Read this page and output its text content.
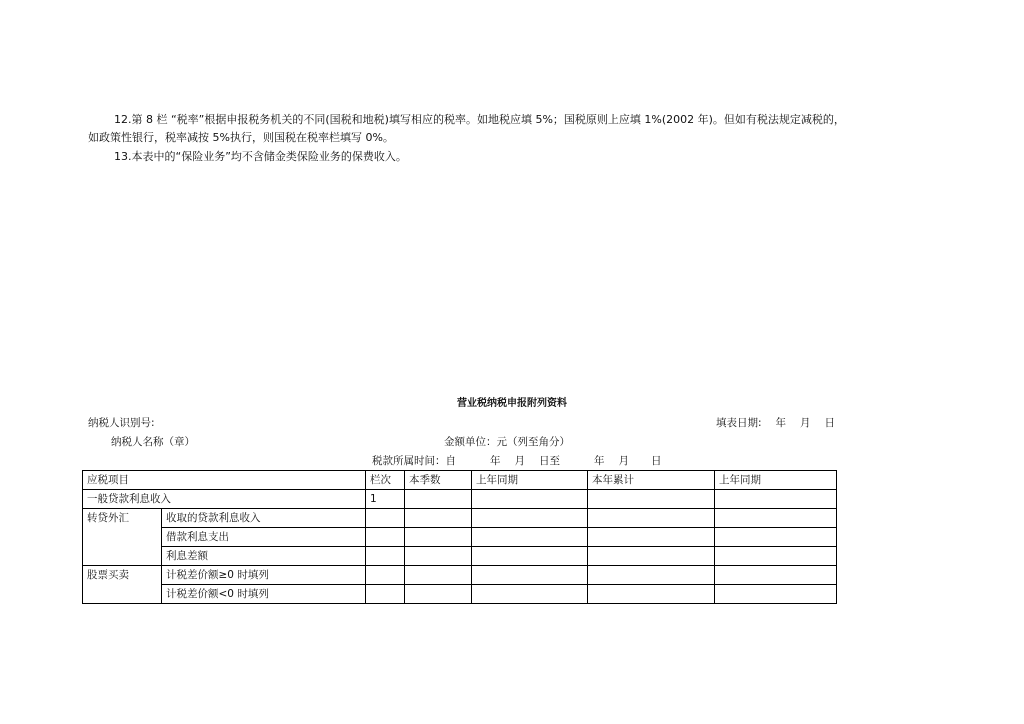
12.第 8 栏 “税率”根据申报税务机关的不同(国税和地税)填写相应的税率。如地税应填 5%；国税原则上应填 1%(2002 年)。但如有税法规定减税的，
如政策性银行，税率减按 5%执行，则国税在税率栏填写 0%。
13.本表中的“保险业务”均不含储金类保险业务的保费收入。
营业税纳税申报附列资料
纳税人识别号:	填表日期: 年 月 日
纳税人名称（章）	金额单位：元（列至角分）
税款所属时间：自	年 月 日至	年 月 日
应税项目		栏次	本季数	上年同期	本年累计	上年同期
一般贷款利息收入		1				
转贷外汇	收取的贷款利息收入					
	借款利息支出					
	利息差额					
股票买卖	计税差价额≥0 时填列					
	计税差价额<0 时填列					
